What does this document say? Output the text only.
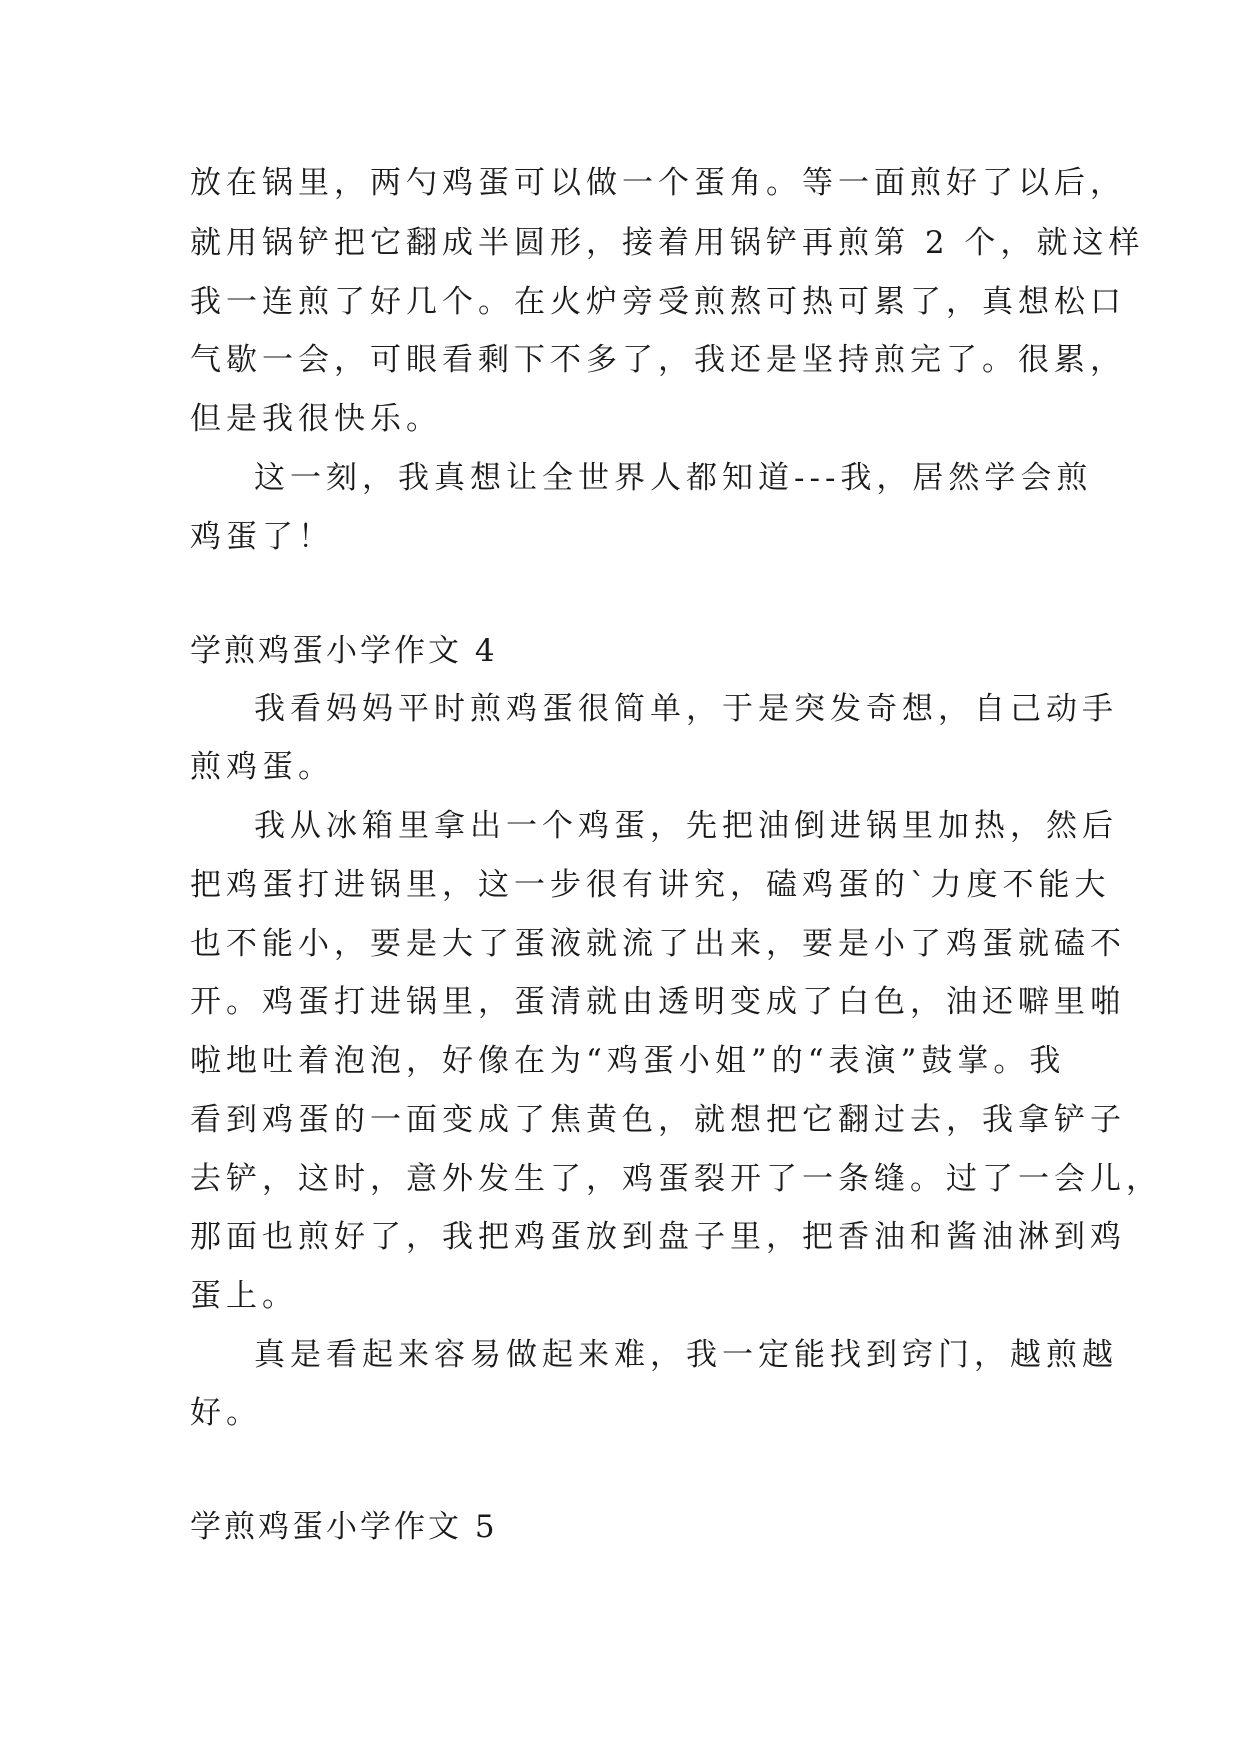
放在锅里，两勺鸡蛋可以做一个蛋角。等一面煎好了以后，
就用锅铲把它翻成半圆形，接着用锅铲再煎第 2 个，就这样
我一连煎了好几个。在火炉旁受煎熬可热可累了，真想松口
气歇一会，可眼看剩下不多了，我还是坚持煎完了。很累，
但是我很快乐。
这一刻，我真想让全世界人都知道---我，居然学会煎
鸡蛋了！
学煎鸡蛋小学作文 4
我看妈妈平时煎鸡蛋很简单，于是突发奇想，自己动手
煎鸡蛋。
我从冰箱里拿出一个鸡蛋，先把油倒进锅里加热，然后
把鸡蛋打进锅里，这一步很有讲究，磕鸡蛋的`力度不能大
也不能小，要是大了蛋液就流了出来，要是小了鸡蛋就磕不
开。鸡蛋打进锅里，蛋清就由透明变成了白色，油还噼里啪
啦地吐着泡泡，好像在为“鸡蛋小姐”的“表演”鼓掌。我
看到鸡蛋的一面变成了焦黄色，就想把它翻过去，我拿铲子
去铲，这时，意外发生了，鸡蛋裂开了一条缝。过了一会儿，
那面也煎好了，我把鸡蛋放到盘子里，把香油和酱油淋到鸡
蛋上。
真是看起来容易做起来难，我一定能找到窍门，越煎越
好。
学煎鸡蛋小学作文 5
